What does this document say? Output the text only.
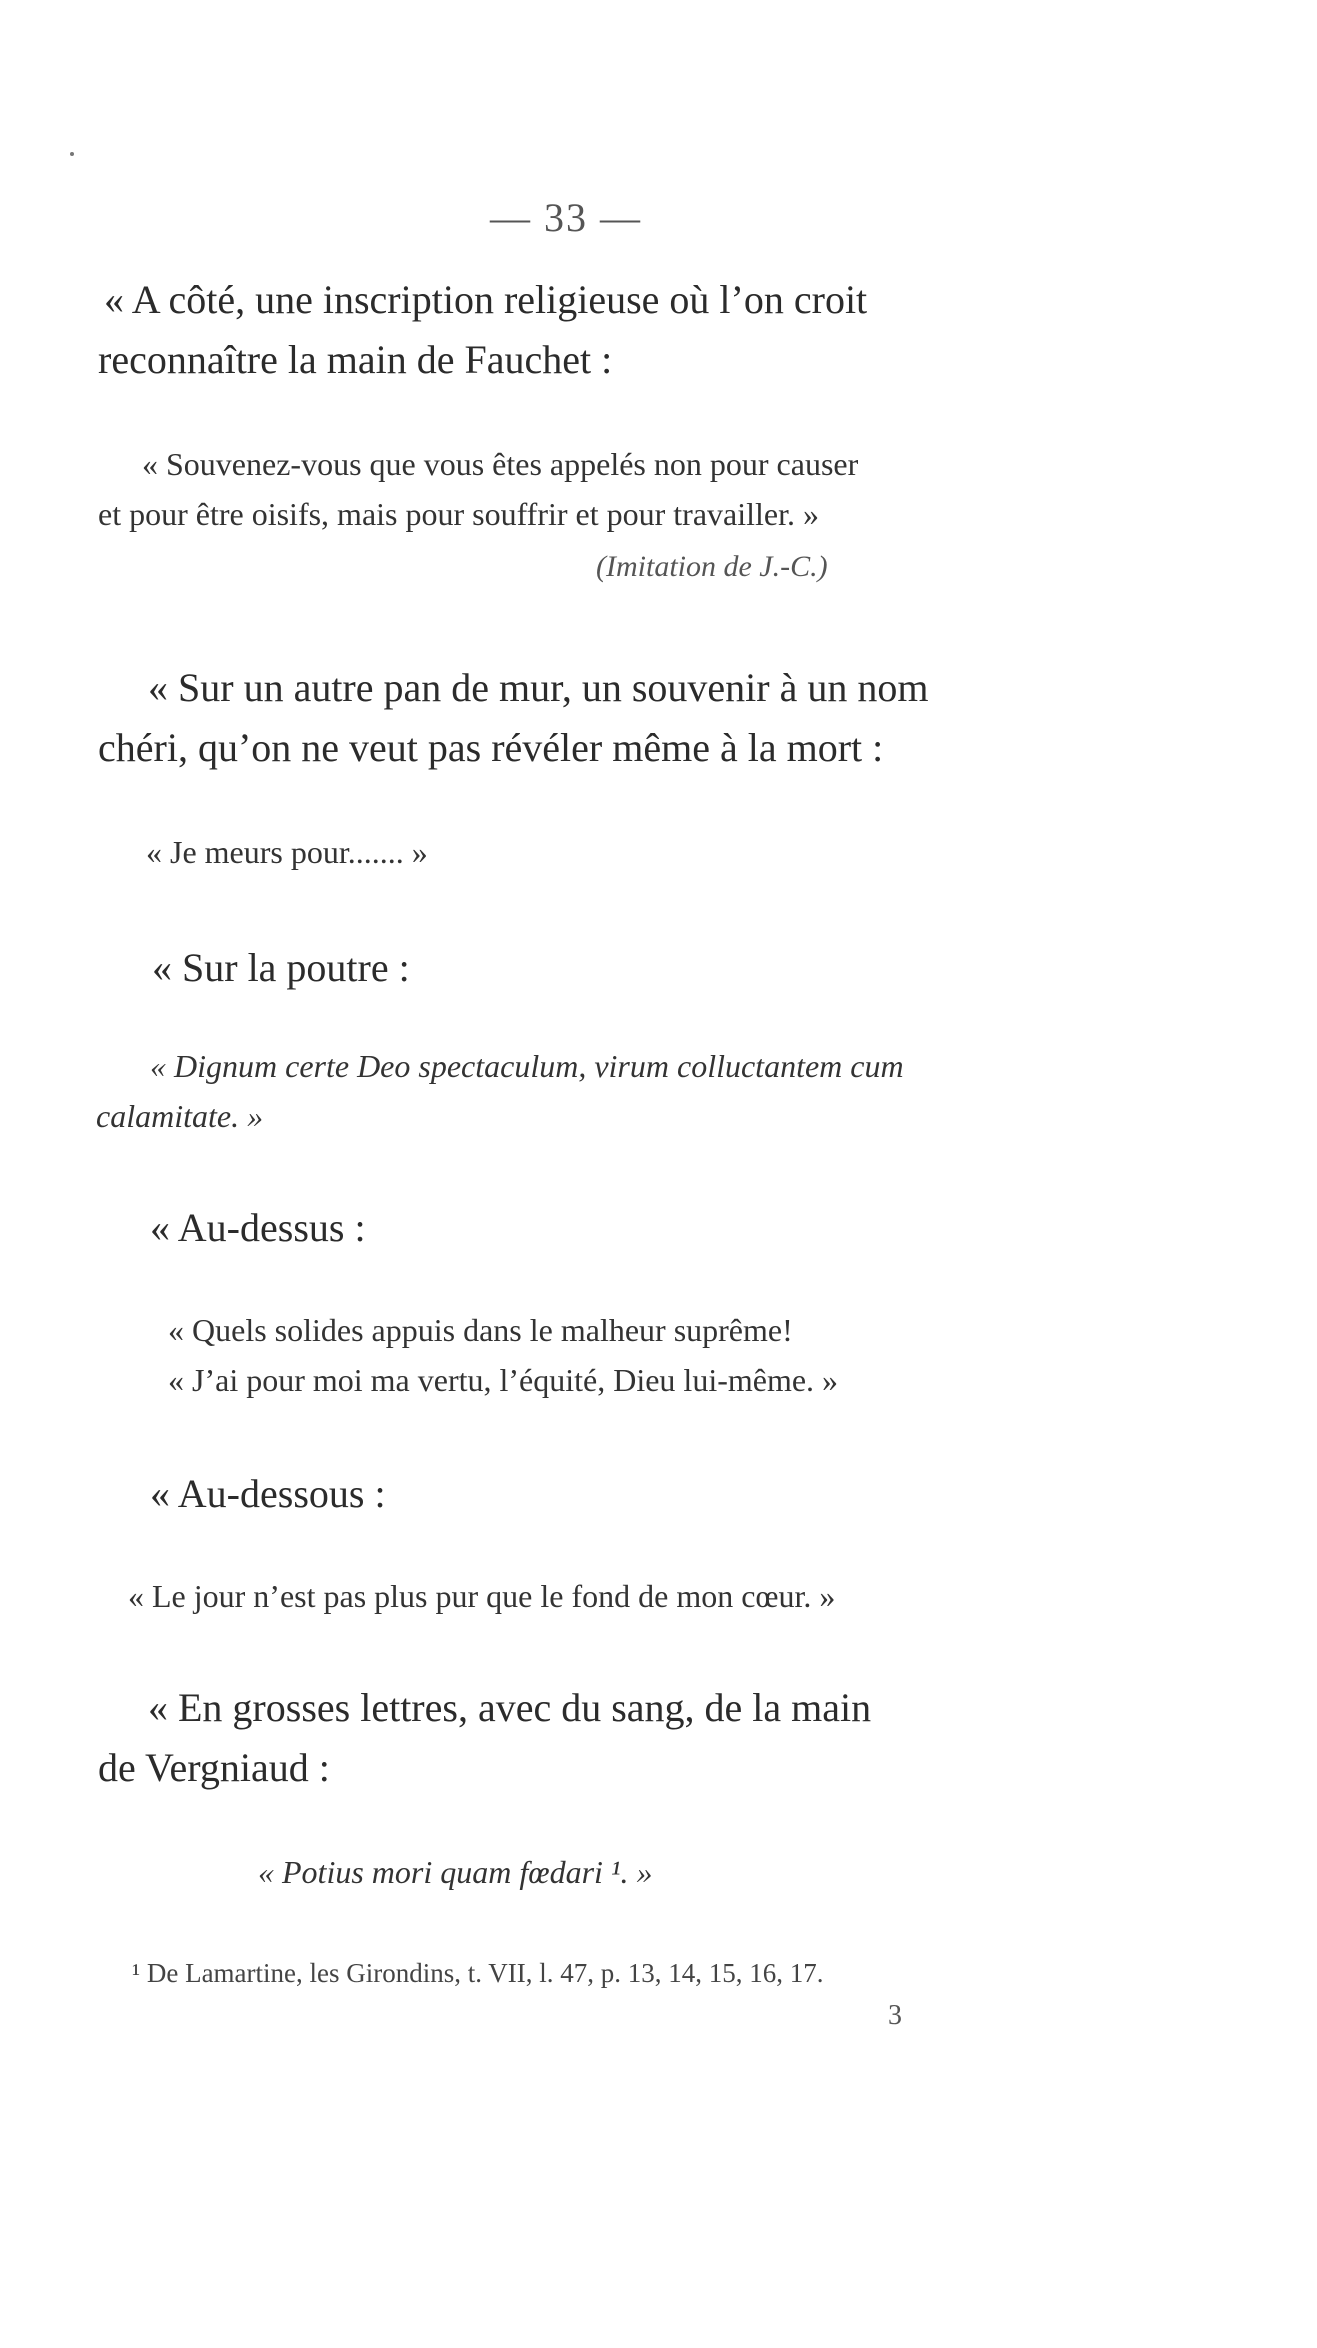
— 33 —
« A côté, une inscription religieuse où l’on croit
reconnaître la main de Fauchet :
« Souvenez-vous que vous êtes appelés non pour causer
et pour être oisifs, mais pour souffrir et pour travailler. »
(Imitation de J.-C.)
« Sur un autre pan de mur, un souvenir à un nom
chéri, qu’on ne veut pas révéler même à la mort :
« Je meurs pour....... »
« Sur la poutre :
« Dignum certe Deo spectaculum, virum colluctantem cum
calamitate. »
« Au-dessus :
« Quels solides appuis dans le malheur suprême!
« J’ai pour moi ma vertu, l’équité, Dieu lui-même. »
« Au-dessous :
« Le jour n’est pas plus pur que le fond de mon cœur. »
« En grosses lettres, avec du sang, de la main
de Vergniaud :
« Potius mori quam fœdari ¹. »
¹ De Lamartine, les Girondins, t. VII, l. 47, p. 13, 14, 15, 16, 17.
3
